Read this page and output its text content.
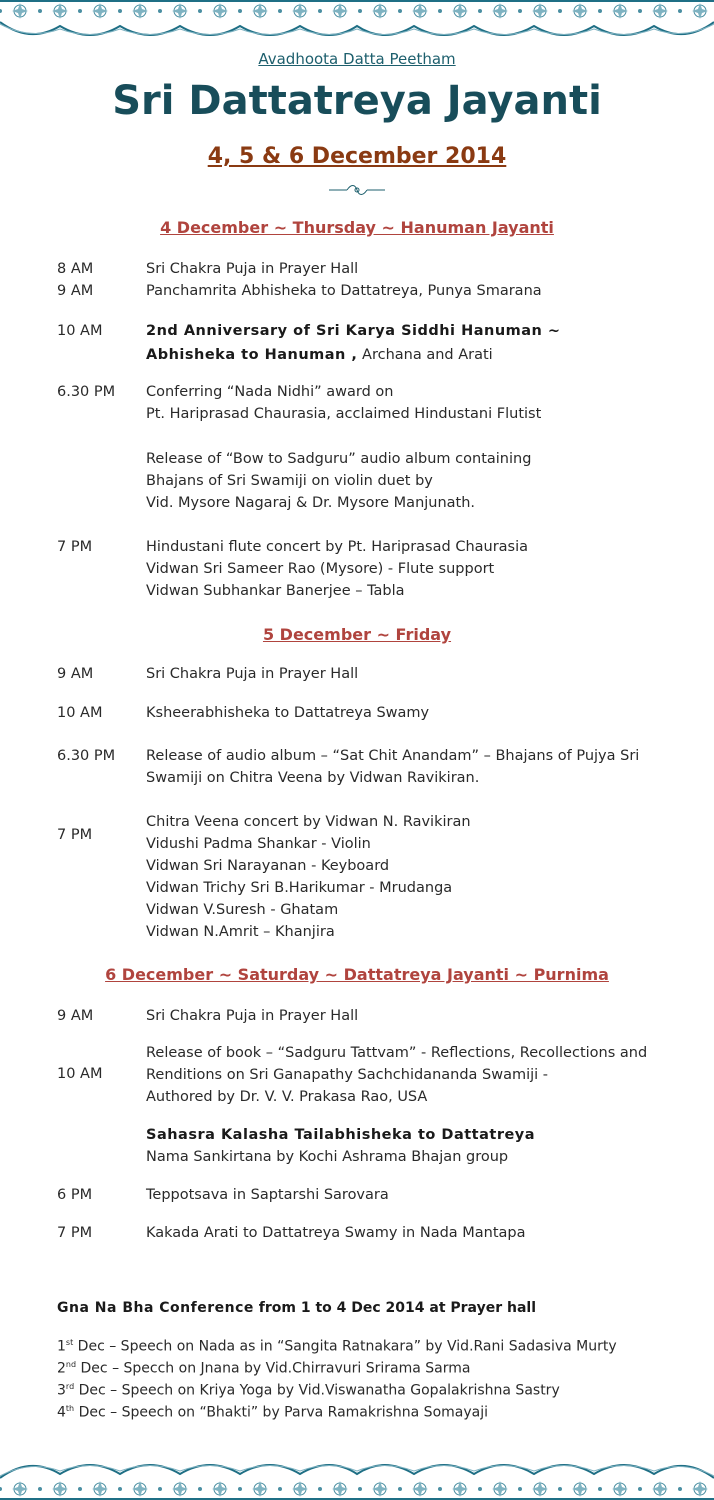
Avadhoota Datta Peetham
Sri Dattatreya Jayanti
4, 5 & 6 December 2014
4 December ~ Thursday ~ Hanuman Jayanti
8 AM	Sri Chakra Puja in Prayer Hall
9 AM	Panchamrita Abhisheka to Dattatreya, Punya Smarana
10 AM	2nd Anniversary of Sri Karya Siddhi Hanuman ~
Abhisheka to Hanuman , Archana and Arati
6.30 PM Conferring “Nada Nidhi” award on
Pt. Hariprasad Chaurasia, acclaimed Hindustani Flutist
Release of “Bow to Sadguru” audio album containing
Bhajans of Sri Swamiji on violin duet by
Vid. Mysore Nagaraj & Dr. Mysore Manjunath.
7 PM	Hindustani flute concert by Pt. Hariprasad Chaurasia
Vidwan Sri Sameer Rao (Mysore) - Flute support
Vidwan Subhankar Banerjee – Tabla
5 December ~ Friday
9 AM	Sri Chakra Puja in Prayer Hall
10 AM	Ksheerabhisheka to Dattatreya Swamy
6.30 PM Release of audio album – “Sat Chit Anandam” – Bhajans of Pujya Sri
Swamiji on Chitra Veena by Vidwan Ravikiran.
7 PM
Chitra Veena concert by Vidwan N. Ravikiran
Vidushi Padma Shankar - Violin
Vidwan Sri Narayanan - Keyboard
Vidwan Trichy Sri B.Harikumar - Mrudanga
Vidwan V.Suresh - Ghatam
Vidwan N.Amrit – Khanjira
6 December ~ Saturday ~ Dattatreya Jayanti ~ Purnima
9 AM	Sri Chakra Puja in Prayer Hall
10 AM
Release of book – “Sadguru Tattvam” - Reflections, Recollections and
Renditions on Sri Ganapathy Sachchidananda Swamiji -
Authored by Dr. V. V. Prakasa Rao, USA
Sahasra Kalasha Tailabhisheka to Dattatreya
Nama Sankirtana by Kochi Ashrama Bhajan group
6 PM	Teppotsava in Saptarshi Sarovara
7 PM	Kakada Arati to Dattatreya Swamy in Nada Mantapa
Gna Na Bha Conference from 1 to 4 Dec 2014 at Prayer hall
1st Dec – Speech on Nada as in “Sangita Ratnakara” by Vid.Rani Sadasiva Murty
2nd Dec – Specch on Jnana by Vid.Chirravuri Srirama Sarma
3rd Dec – Speech on Kriya Yoga by Vid.Viswanatha Gopalakrishna Sastry
4th Dec – Speech on “Bhakti” by Parva Ramakrishna Somayaji
